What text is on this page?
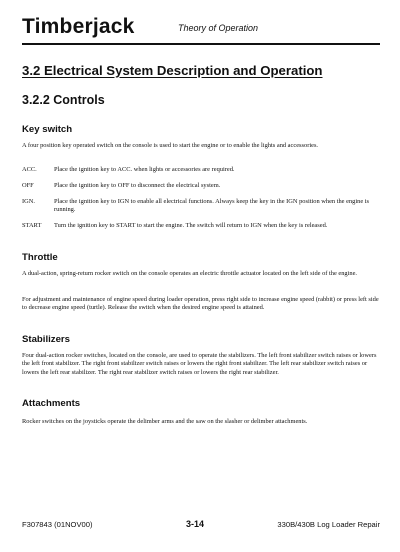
Timberjack	Theory of Operation
3.2 Electrical System Description and Operation
3.2.2 Controls
Key switch
A four position key operated switch on the console is used to start the engine or to enable the lights and accessories.
ACC.	Place the ignition key to ACC. when lights or accessories are required.
OFF	Place the ignition key to OFF to disconnect the electrical system.
IGN.	Place the ignition key to IGN to enable all electrical functions. Always keep the key in the IGN position when the engine is running.
START	Turn the ignition key to START to start the engine. The switch will return to IGN when the key is released.
Throttle
A dual-action, spring-return rocker switch on the console operates an electric throttle actuator located on the left side of the engine.
For adjustment and maintenance of engine speed during loader operation, press right side to increase engine speed (rabbit) or press left side to decrease engine speed (turtle). Release the switch when the desired engine speed is attained.
Stabilizers
Four dual-action rocker switches, located on the console, are used to operate the stabilizers. The left front stabilizer switch raises or lowers the left front stabilizer. The right front stabilizer switch raises or lowers the right front stabilizer. The left rear stabilizer switch raises or lowers the left rear stabilizer. The right rear stabilizer switch raises or lowers the right rear stabilizer.
Attachments
Rocker switches on the joysticks operate the delimber arms and the saw on the slasher or delimber attachments.
F307843 (01NOV00)	3-14	330B/430B Log Loader Repair
